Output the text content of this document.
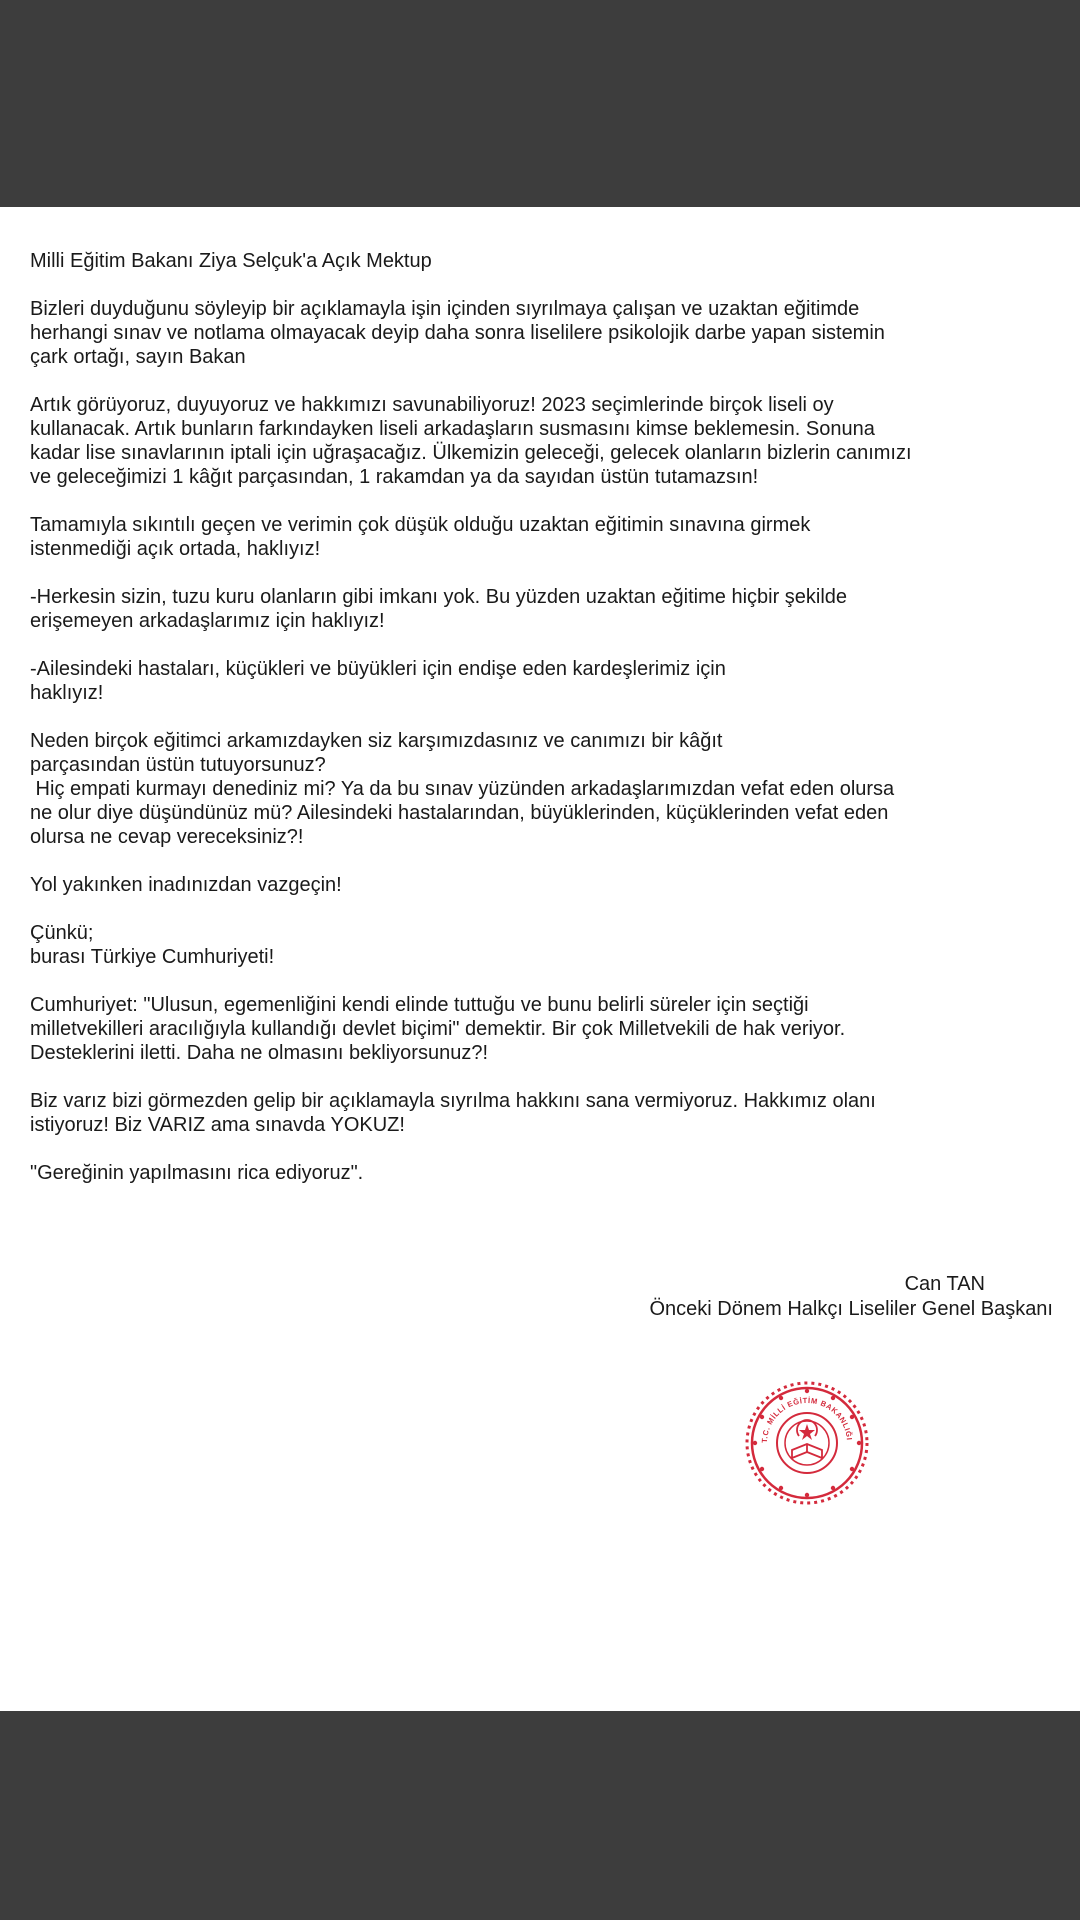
Milli Eğitim Bakanı Ziya Selçuk'a Açık Mektup
Bizleri duyduğunu söyleyip bir açıklamayla işin içinden sıyrılmaya çalışan ve uzaktan eğitimde
herhangi sınav ve notlama olmayacak deyip daha sonra liselilere psikolojik darbe yapan sistemin
çark ortağı, sayın Bakan
Artık görüyoruz, duyuyoruz ve hakkımızı savunabiliyoruz! 2023 seçimlerinde birçok liseli oy
kullanacak. Artık bunların farkındayken liseli arkadaşların susmasını kimse beklemesin. Sonuna
kadar lise sınavlarının iptali için uğraşacağız. Ülkemizin geleceği, gelecek olanların bizlerin canımızı
ve geleceğimizi 1 kâğıt parçasından, 1 rakamdan ya da sayıdan üstün tutamazsın!
Tamamıyla sıkıntılı geçen ve verimin çok düşük olduğu uzaktan eğitimin sınavına girmek
istenmediği açık ortada, haklıyız!
-Herkesin sizin, tuzu kuru olanların gibi imkanı yok. Bu yüzden uzaktan eğitime hiçbir şekilde
erişemeyen arkadaşlarımız için haklıyız!
-Ailesindeki hastaları, küçükleri ve büyükleri için endişe eden kardeşlerimiz için
haklıyız!
Neden birçok eğitimci arkamızdayken siz karşımızdasınız ve canımızı bir kâğıt
parçasından üstün tutuyorsunuz?
Hiç empati kurmayı denediniz mi? Ya da bu sınav yüzünden arkadaşlarımızdan vefat eden olursa
ne olur diye düşündünüz mü? Ailesindeki hastalarından, büyüklerinden, küçüklerinden vefat eden
olursa ne cevap vereceksiniz?!
Yol yakınken inadınızdan vazgeçin!
Çünkü;
burası Türkiye Cumhuriyeti!
Cumhuriyet: "Ulusun, egemenliğini kendi elinde tuttuğu ve bunu belirli süreler için seçtiği
milletvekilleri aracılığıyla kullandığı devlet biçimi" demektir. Bir çok Milletvekili de hak veriyor.
Desteklerini iletti. Daha ne olmasını bekliyorsunuz?!
Biz varız bizi görmezden gelip bir açıklamayla sıyrılma hakkını sana vermiyoruz. Hakkımız olanı
istiyoruz! Biz VARIZ ama sınavda YOKUZ!
"Gereğinin yapılmasını rica ediyoruz".
Can TAN
Önceki Dönem Halkçı Liseliler Genel Başkanı
T.C. MİLLİ EĞİTİM BAKANLIĞI
